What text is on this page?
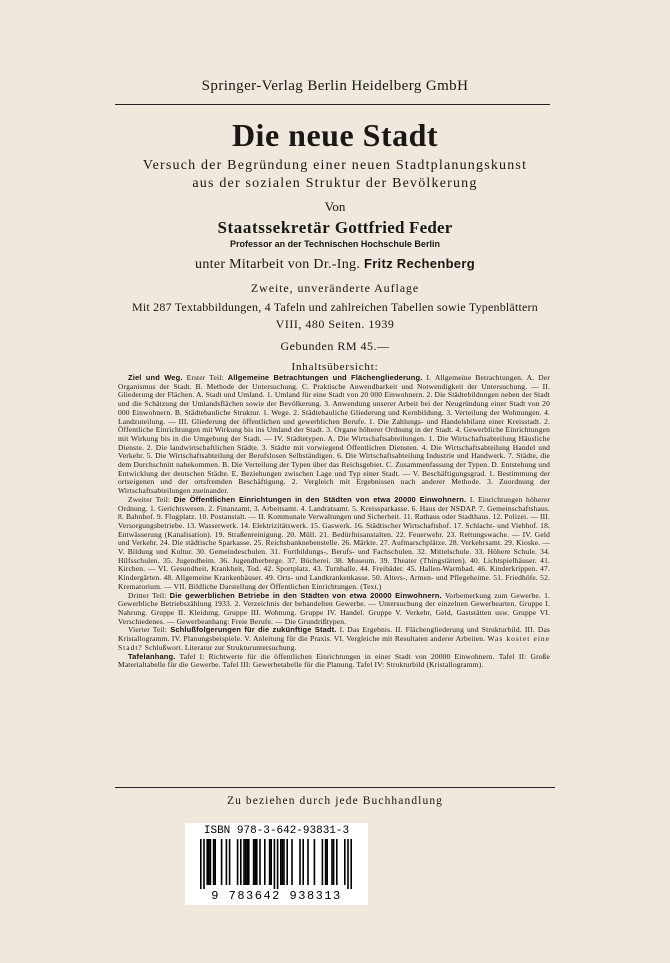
Springer-Verlag Berlin Heidelberg GmbH
Die neue Stadt
Versuch der Begründung einer neuen Stadtplanungskunst
aus der sozialen Struktur der Bevölkerung
Von
Staatssekretär Gottfried Feder
Professor an der Technischen Hochschule Berlin
unter Mitarbeit von Dr.-Ing. Fritz Rechenberg
Zweite, unveränderte Auflage
Mit 287 Textabbildungen, 4 Tafeln und zahlreichen Tabellen sowie Typenblättern
VIII, 480 Seiten. 1939
Gebunden RM 45.—
Inhaltsübersicht:

Ziel und Weg. Erster Teil: Allgemeine Betrachtungen und Flächengliederung. I. Allgemeine Betrachtungen. A. Der Organismus der Stadt. B. Methode der Untersuchung. C. Praktische Anwendbarkeit und Notwendigkeit der Untersuchung. — II. Gliederung der Flächen. A. Stadt und Umland. 1. Umland für eine Stadt von 20 000 Einwohnern. 2. Die Städtebildungen neben der Stadt und die Schätzung der Umlandsflächen sowie der Bevölkerung. 3. Anwendung unserer Arbeit bei der Neugründung einer Stadt von 20 000 Einwohnern. B. Städtebauliche Struktur. 1. Wege. 2. Städtebauliche Gliederung und Kernbildung. 3. Verteilung der Wohnungen. 4. Landzuteilung. — III. Gliederung der öffentlichen und gewerblichen Berufe. 1. Die Zahlungs- und Handelsbilanz einer Kreisstadt. 2. Öffentliche Einrichtungen mit Wirkung bis ins Umland der Stadt. 3. Organe höherer Ordnung in der Stadt. 4. Gewerbliche Einrichtungen mit Wirkung bis in die Umgebung der Stadt. — IV. Städtetypen. A. Die Wirtschaftsabteilungen. 1. Die Wirtschaftsabteilung Häusliche Dienste. 2. Die landwirtschaftlichen Städte. 3. Städte mit vorwiegend Öffentlichen Diensten. 4. Die Wirtschaftsabteilung Handel und Verkehr. 5. Die Wirtschaftsabteilung der Berufslosen Selbständigen. 6. Die Wirtschaftsabteilung Industrie und Handwerk. 7. Städte, die dem Durchschnitt nahekommen. B. Die Verteilung der Typen über das Reichsgebiet. C. Zusammenfassung der Typen. D. Entstehung und Entwicklung der deutschen Städte. E. Beziehungen zwischen Lage und Typ einer Stadt. — V. Beschäftigungsgrad. 1. Bestimmung der ortseigenen und der ortsfremden Beschäftigung. 2. Vergleich mit Ergebnissen nach anderer Methode. 3. Zuordnung der Wirtschaftsabteilungen zueinander.

Zweiter Teil: Die Öffentlichen Einrichtungen in den Städten von etwa 20000 Einwohnern. I. Einrichtungen höherer Ordnung. 1. Gerichtswesen. 2. Finanzamt. 3. Arbeitsamt. 4. Landratsamt. 5. Kreissparkasse. 6. Haus der NSDAP. 7. Gemeinschaftshaus. 8. Bahnhof. 9. Flugplatz. 10. Postanstalt. — II. Kommunale Verwaltungen und Sicherheit. 11. Rathaus oder Stadthaus. 12. Polizei. — III. Versorgungsbetriebe. 13. Wasserwerk. 14. Elektrizitätswerk. 15. Gaswerk. 16. Städtischer Wirtschaftshof. 17. Schlacht- und Viehhof. 18. Entwässerung (Kanalisation). 19. Straßenreinigung. 20. Müll. 21. Bedürfnisanstalten. 22. Feuerwehr. 23. Rettungswache. — IV. Geld und Verkehr. 24. Die städtische Sparkasse. 25. Reichsbanknebenstelle. 26. Märkte. 27. Aufmarschplätze. 28. Verkehrsamt. 29. Kioske. — V. Bildung und Kultur. 30. Gemeindeschulen. 31. Fortbildungs-, Berufs- und Fachschulen. 32. Mittelschule. 33. Höhere Schule. 34. Hilfsschulen. 35. Jugendheim. 36. Jugendherberge. 37. Bücherei. 38. Museum. 39. Theater (Thingstätten). 40. Lichtspielhäuser. 41. Kirchen. — VI. Gesundheit, Krankheit, Tod. 42. Sportplatz. 43. Turnhalle. 44. Freibäder. 45. Hallen-Warmbad. 46. Kinderkrippen. 47. Kindergärten. 48. Allgemeine Krankenhäuser. 49. Orts- und Landkrankenkasse. 50. Alters-, Armen- und Pflegeheime. 51. Friedhöfe. 52. Krematorium. — VII. Bildliche Darstellung der Öffentlichen Einrichtungen. (Text.)

Dritter Teil: Die gewerblichen Betriebe in den Städten von etwa 20000 Einwohnern. Vorbemerkung zum Gewerbe. 1. Gewerbliche Betriebszählung 1933. 2. Verzeichnis der behandelten Gewerbe. — Untersuchung der einzelnen Gewerbearten. Gruppe I. Nahrung. Gruppe II. Kleidung. Gruppe III. Wohnung. Gruppe IV. Handel. Gruppe V. Verkehr, Geld, Gaststätten usw. Gruppe VI. Verschiedenes. — Gewerbeanhang: Freie Berufe. — Die Grundrißtypen.

Vierter Teil: Schlußfolgerungen für die zukünftige Stadt. I. Das Ergebnis. II. Flächengliederung und Strukturbild. III. Das Kristallogramm. IV. Planungsbeispiele. V. Anleitung für die Praxis. VI. Vergleiche mit Resultaten anderer Arbeiten. Was kostet eine Stadt? Schlußwort. Literatur zur Strukturuntersuchung.

Tafelanhang. Tafel I: Richtwerte für die öffentlichen Einrichtungen in einer Stadt von 20000 Einwohnern. Tafel II: Große Materialtabelle für die Gewerbe. Tafel III: Gewerbetabelle für die Planung. Tafel IV: Strukturbild (Kristallogramm).

Zu beziehen durch jede Buchhandlung
ISBN 978-3-642-93831-3
9 783642 938313
